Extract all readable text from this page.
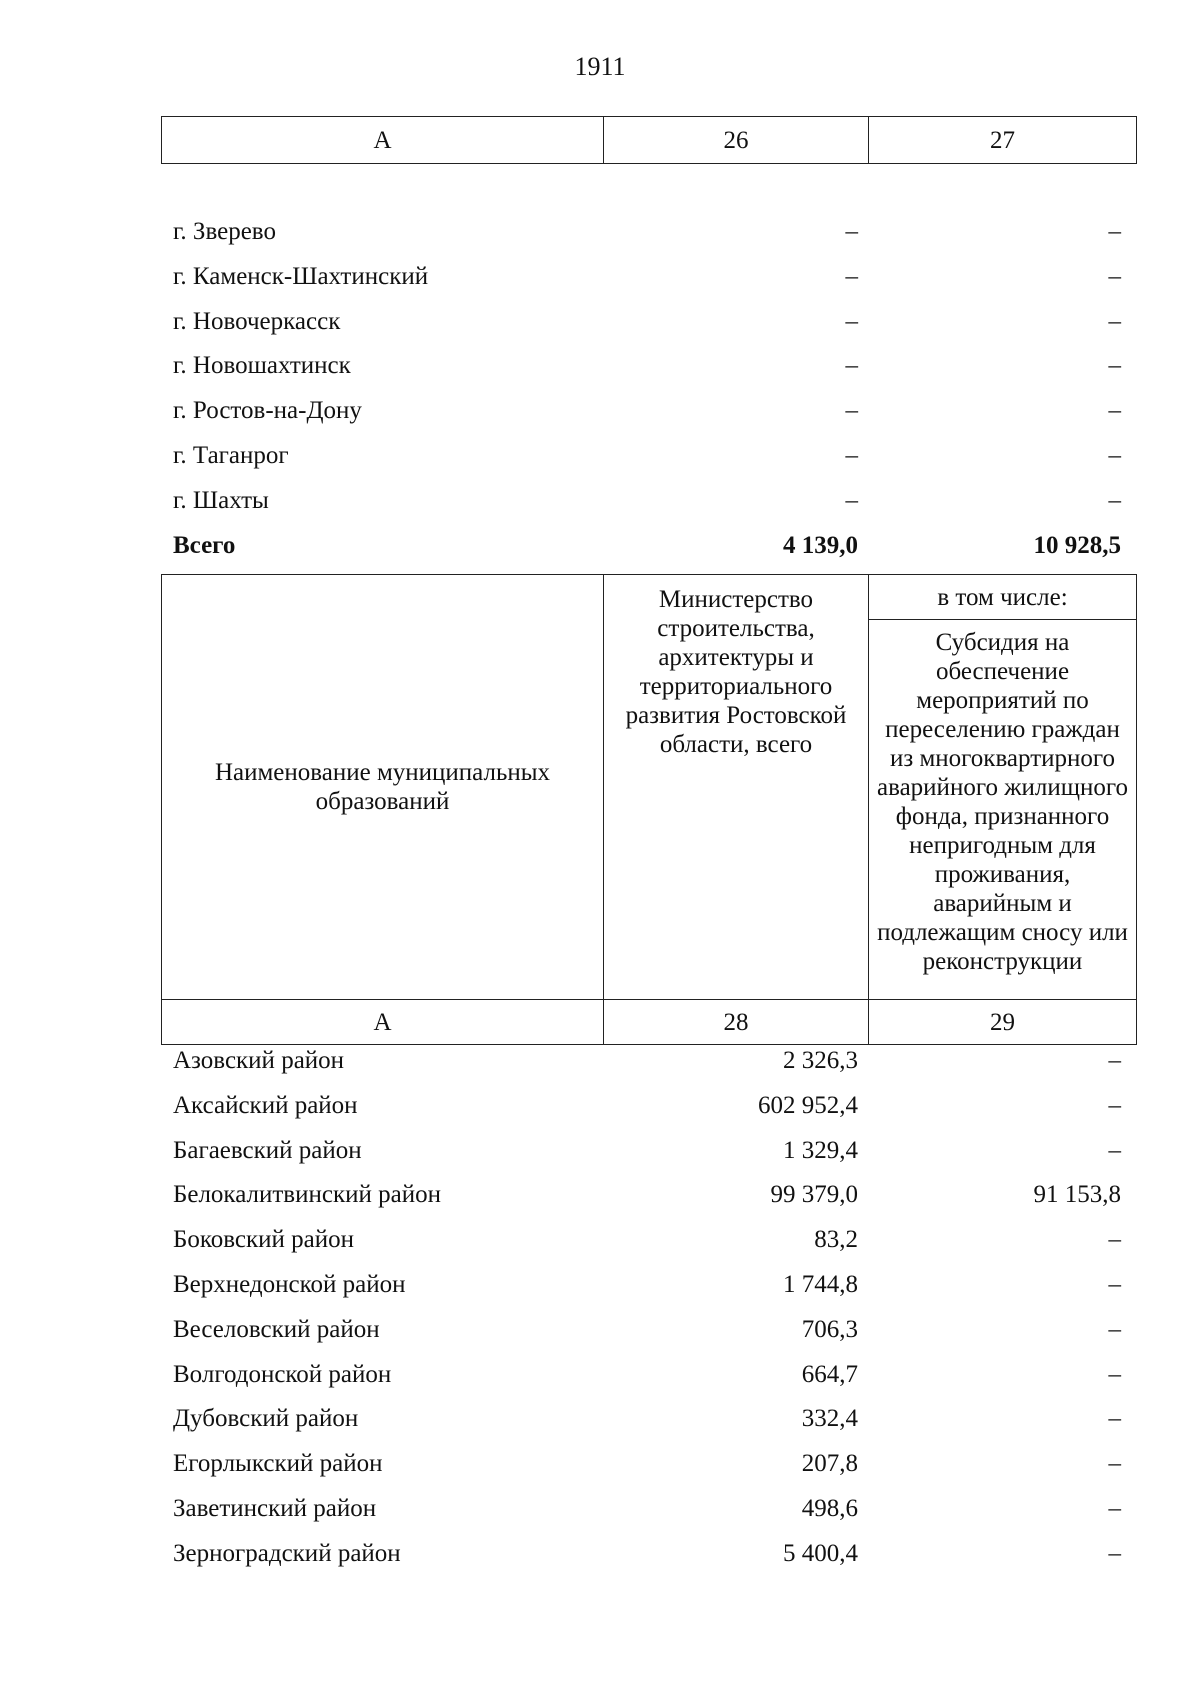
1911
А	26	27
г. Зверево	–	–
г. Каменск-Шахтинский	–	–
г. Новочеркасск	–	–
г. Новошахтинск	–	–
г. Ростов-на-Дону	–	–
г. Таганрог	–	–
г. Шахты	–	–
Всего	4 139,0	10 928,5
Наименование муниципальных образований	Министерство строительства, архитектуры и территориального развития Ростовской области, всего	в том числе:

		Субсидия на обеспечение мероприятий по переселению граждан из многоквартирного аварийного жилищного фонда, признанного непригодным для проживания, аварийным и подлежащим сносу или реконструкции

А	28	29
Азовский район	2 326,3	–
Аксайский район	602 952,4	–
Багаевский район	1 329,4	–
Белокалитвинский район	99 379,0	91 153,8
Боковский район	83,2	–
Верхнедонской район	1 744,8	–
Веселовский район	706,3	–
Волгодонской район	664,7	–
Дубовский район	332,4	–
Егорлыкский район	207,8	–
Заветинский район	498,6	–
Зерноградский район	5 400,4	–
